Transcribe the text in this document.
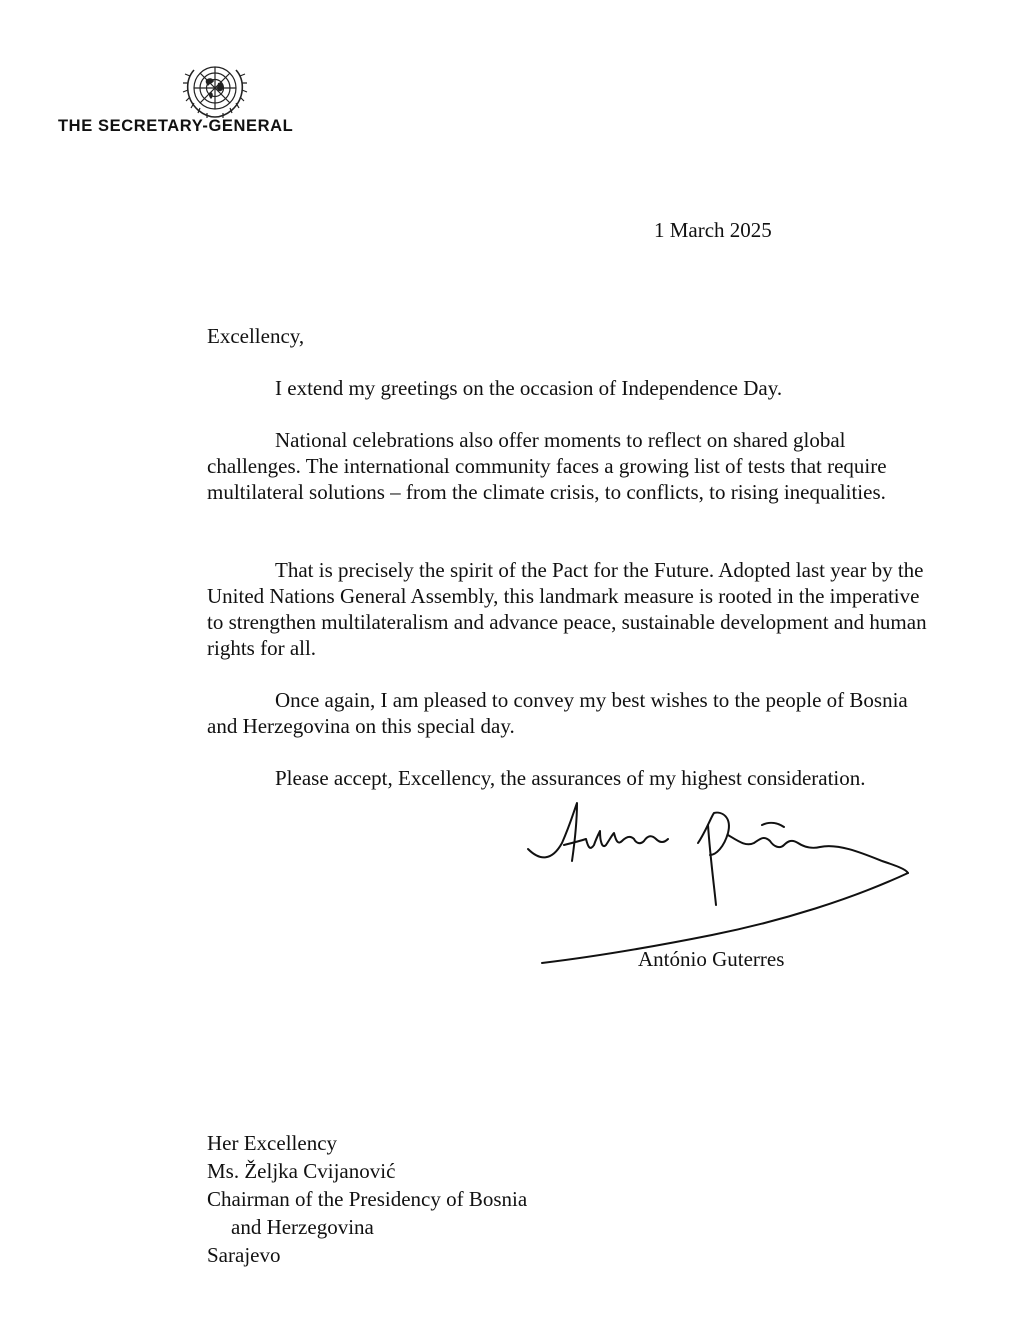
THE SECRETARY-GENERAL
1 March 2025

Excellency,

I extend my greetings on the occasion of Independence Day.

National celebrations also offer moments to reflect on shared global challenges. The international community faces a growing list of tests that require multilateral solutions – from the climate crisis, to conflicts, to rising inequalities.

That is precisely the spirit of the Pact for the Future. Adopted last year by the United Nations General Assembly, this landmark measure is rooted in the imperative to strengthen multilateralism and advance peace, sustainable development and human rights for all.

Once again, I am pleased to convey my best wishes to the people of Bosnia and Herzegovina on this special day.

Please accept, Excellency, the assurances of my highest consideration.

António Guterres
Her Excellency
Ms. Željka Cvijanović
Chairman of the Presidency of Bosnia
and Herzegovina
Sarajevo
